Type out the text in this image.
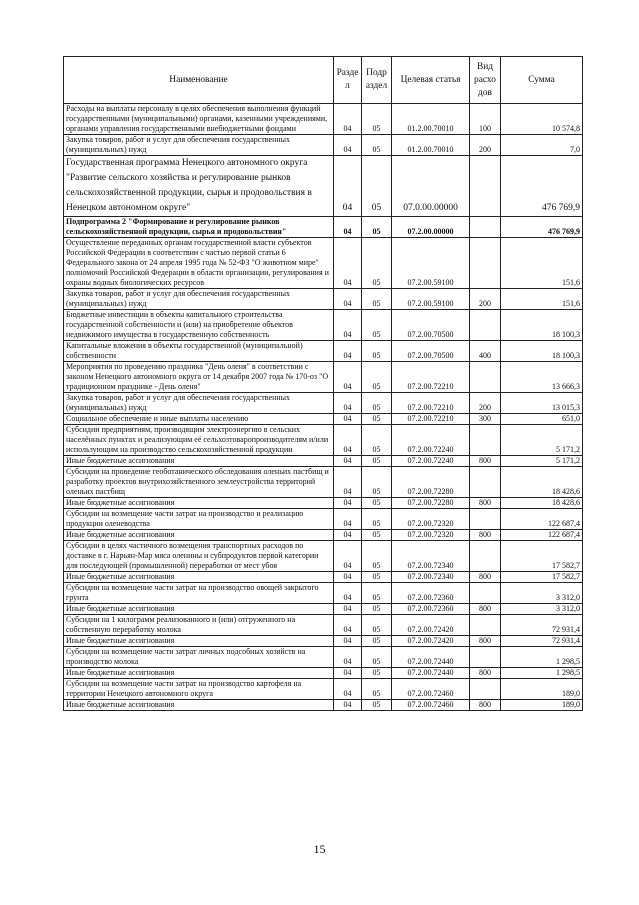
Наименование	Разде л	Подр аздел	Целевая статья	Вид расхо дов	Сумма
Расходы на выплаты персоналу в целях обеспечения выполнения функций государственными (муниципальными) органами, казенными учреждениями, органами управления государственными внебюджетными фондами	04	05	01.2.00.70010	100	10 574,8
Закупка товаров, работ и услуг для обеспечения государственных (муниципальных) нужд	04	05	01.2.00.70010	200	7,0
Государственная программа Ненецкого автономного округа "Развитие сельского хозяйства и регулирование рынков сельскохозяйственной продукции, сырья и продовольствия в Ненецком автономном округе"	04	05	07.0.00.00000		476 769,9
Подпрограмма 2 "Формирование и регулирование рынков сельскохозяйственной продукции, сырья и продовольствия"	04	05	07.2.00.00000		476 769,9
Осуществление переданных органам государственной власти субъектов Российской Федерации в соответствии с частью первой статьи 6 Федерального закона от 24 апреля 1995 года № 52-ФЗ "О животном мире" полномочий Российской Федерации в области организации, регулирования и охраны водных биологических ресурсов	04	05	07.2.00.59100		151,6
Закупка товаров, работ и услуг для обеспечения государственных (муниципальных) нужд	04	05	07.2.00.59100	200	151,6
Бюджетные инвестиции в объекты капитального строительства государственной собственности и (или) на приобретение объектов недвижимого имущества в государственную собственность	04	05	07.2.00.70500		18 100,3
Капитальные вложения в объекты государственной (муниципальной) собственности	04	05	07.2.00.70500	400	18 100,3
Мероприятия по проведению праздника "День оленя" в соответствии с законом Ненецкого автономного округа от 14 декабря 2007 года № 170-оз "О традиционном празднике - День оленя"	04	05	07.2.00.72210		13 666,3
Закупка товаров, работ и услуг для обеспечения государственных (муниципальных) нужд	04	05	07.2.00.72210	200	13 015,3
Социальное обеспечение и иные выплаты населению	04	05	07.2.00.72210	300	651,0
Субсидии предприятиям, производящим электроэнергию в сельских населённых пунктах и реализующим её сельхозтоваропроизводителям и/или использующим на производство сельскохозяйственной продукции	04	05	07.2.00.72240		5 171,2
Иные бюджетные ассигнования	04	05	07.2.00.72240	800	5 171,2
Субсидии на проведение геоботанического обследования оленьих пастбищ и разработку проектов внутрихозяйственного землеустройства территорий оленьих пастбищ	04	05	07.2.00.72280		18 428,6
Иные бюджетные ассигнования	04	05	07.2.00.72280	800	18 428,6
Субсидии на возмещение части затрат на производство и реализацию продукции оленеводства	04	05	07.2.00.72320		122 687,4
Иные бюджетные ассигнования	04	05	07.2.00.72320	800	122 687,4
Субсидии в целях частичного возмещения транспортных расходов по доставке в г. Нарьян-Мар мяса оленины и субпродуктов первой категории для последующей (промышленной) переработки от мест убоя	04	05	07.2.00.72340		17 582,7
Иные бюджетные ассигнования	04	05	07.2.00.72340	800	17 582,7
Субсидии на возмещение части затрат на производство овощей закрытого грунта	04	05	07.2.00.72360		3 312,0
Иные бюджетные ассигнования	04	05	07.2.00.72360	800	3 312,0
Субсидии на 1 килограмм реализованного и (или) отгруженного на собственную переработку молока	04	05	07.2.00.72420		72 931,4
Иные бюджетные ассигнования	04	05	07.2.00.72420	800	72 931,4
Субсидии на возмещение части затрат личных подсобных хозяйств на производство молока	04	05	07.2.00.72440		1 298,5
Иные бюджетные ассигнования	04	05	07.2.00.72440	800	1 298,5
Субсидии на возмещение части затрат на производство картофеля на территории Ненецкого автономного округа	04	05	07.2.00.72460		189,0
Иные бюджетные ассигнования	04	05	07.2.00.72460	800	189,0
15
